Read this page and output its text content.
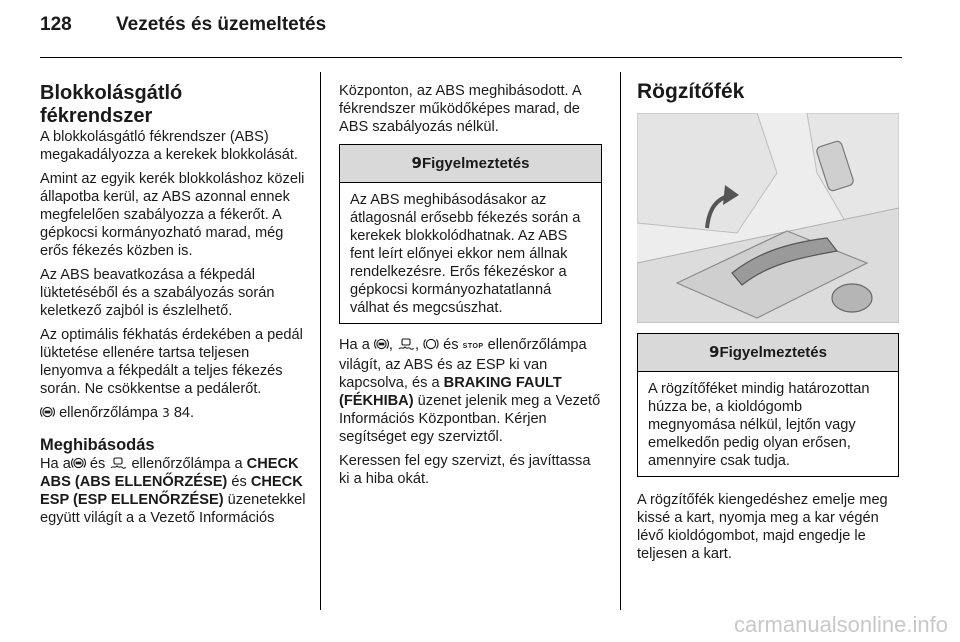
128 Vezetés és üzemeltetés
Blokkolásgátló
fékrendszer

A blokkolásgátló fékrendszer (ABS) megakadályozza a kerekek blokkolását.

Amint az egyik kerék blokkoláshoz közeli állapotba kerül, az ABS azonnal ennek megfelelően szabályozza a fékerőt. A gépkocsi kormányozható marad, még erős fékezés közben is.

Az ABS beavatkozása a fékpedál lüktetéséből és a szabályozás során keletkező zajból is észlelhető.

Az optimális fékhatás érdekében a pedál lüktetése ellenére tartsa teljesen lenyomva a fékpedált a teljes fékezés során. Ne csökkentse a pedálerőt.

ellenőrzőlámpa 3 84.

Meghibásodás

Ha a és ellenőrzőlámpa a CHECK ABS (ABS ELLENŐRZÉSE) és CHECK ESP (ESP ELLENŐRZÉSE) üzenetekkel együtt világít a a Vezető Információs

Központon, az ABS meghibásodott. A fékrendszer működőképes marad, de ABS szabályozás nélkül.

9Figyelmeztetés
Az ABS meghibásodásakor az átlagosnál erősebb fékezés során a kerekek blokkolódhatnak. Az ABS fent leírt előnyei ekkor nem állnak rendelkezésre. Erős fékezéskor a gépkocsi kormányozhatatlanná válhat és megcsúszhat.

Ha a ,
,
és STOP ellenőrzőlámpa világít, az ABS és az ESP ki van kapcsolva, és a BRAKING FAULT (FÉKHIBA) üzenet jelenik meg a Vezető Információs Központban. Kérjen segítséget egy szerviztől.

Keressen fel egy szervizt, és javíttassa ki a hiba okát.

Rögzítőfék
9Figyelmeztetés
A rögzítőféket mindig határozottan húzza be, a kioldógomb megnyomása nélkül, lejtőn vagy emelkedőn pedig olyan erősen, amennyire csak tudja.

A rögzítőfék kiengedéshez emelje meg kissé a kart, nyomja meg a kar végén lévő kioldógombot, majd engedje le teljesen a kart.

carmanualsonline.info
